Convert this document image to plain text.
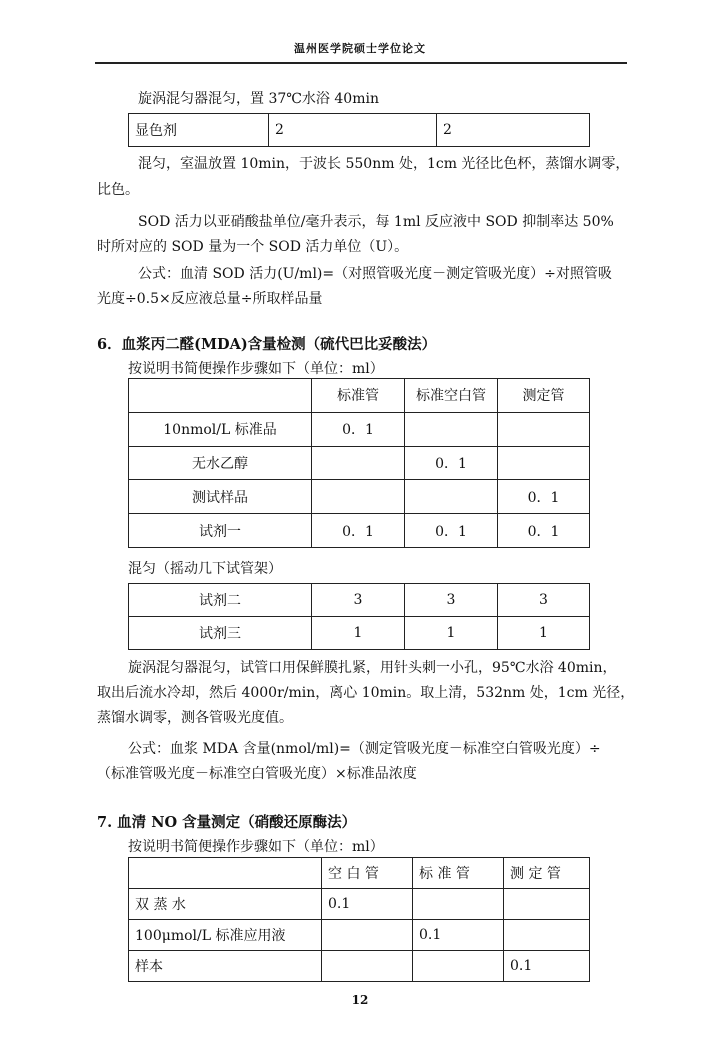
温州医学院硕士学位论文
旋涡混匀器混匀，置 37℃水浴 40min
显色剂	2	2
混匀，室温放置 10min，于波长 550nm 处，1cm 光径比色杯，蒸馏水调零，
比色。
SOD 活力以亚硝酸盐单位/毫升表示，每 1ml 反应液中 SOD 抑制率达 50%
时所对应的 SOD 量为一个 SOD 活力单位（U）。
公式：血清 SOD 活力(U/ml)=（对照管吸光度－测定管吸光度）÷对照管吸
光度÷0.5×反应液总量÷所取样品量
6．血浆丙二醛(MDA)含量检测（硫代巴比妥酸法）
按说明书简便操作步骤如下（单位：ml）
	标准管	标准空白管	测定管
10nmol/L 标准品	0．1		
无水乙醇		0．1	
测试样品			0．1
试剂一	0．1	0．1	0．1
混匀（摇动几下试管架）
试剂二	3	3	3
试剂三	1	1	1
旋涡混匀器混匀，试管口用保鲜膜扎紧，用针头刺一小孔，95℃水浴 40min，
取出后流水冷却，然后 4000r/min，离心 10min。取上清，532nm 处，1cm 光径，
蒸馏水调零，测各管吸光度值。
公式：血浆 MDA 含量(nmol/ml)=（测定管吸光度－标准空白管吸光度）÷
（标准管吸光度－标准空白管吸光度）×标准品浓度
7. 血清 NO 含量测定（硝酸还原酶法）
按说明书简便操作步骤如下（单位：ml）
	空 白 管	标 准 管	测 定 管
双 蒸 水	0.1		
100μmol/L 标准应用液		0.1	
样本			0.1
12
